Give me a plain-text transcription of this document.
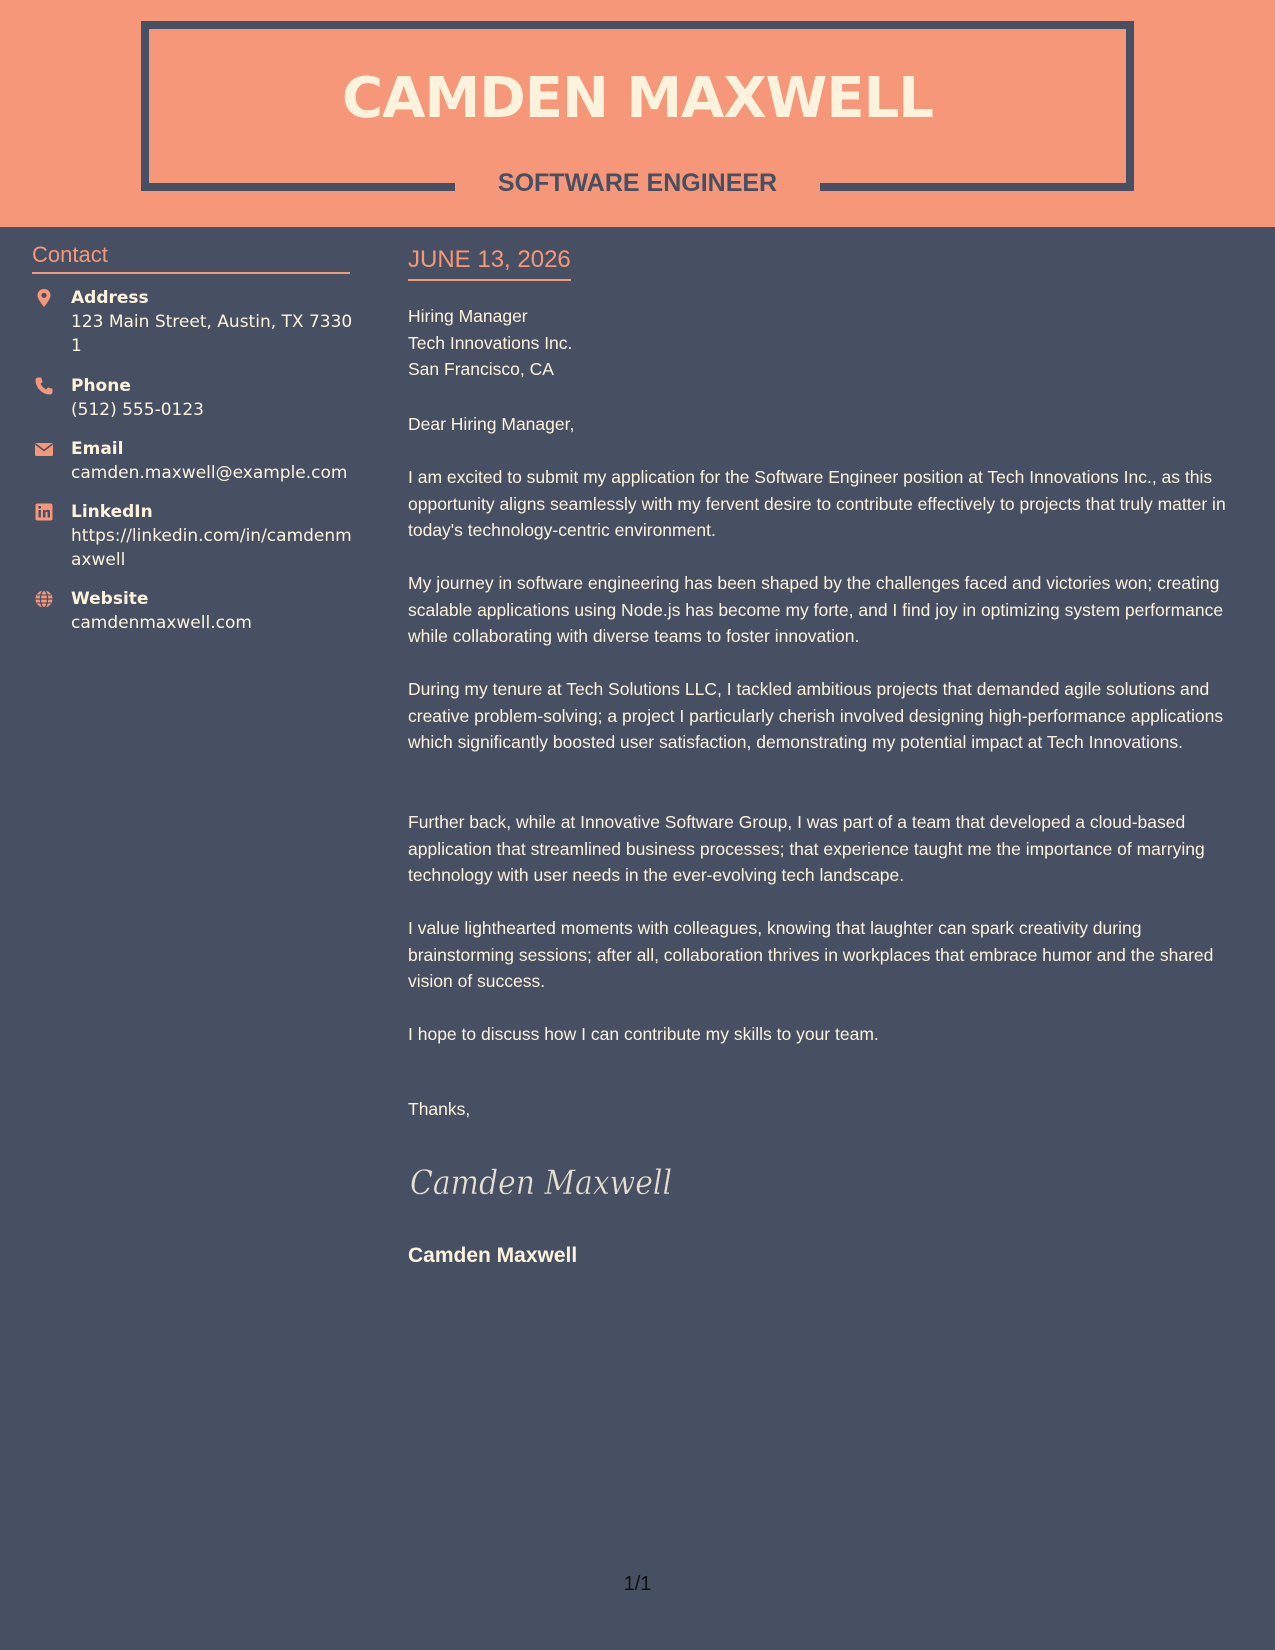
CAMDEN MAXWELL
SOFTWARE ENGINEER
Contact
Address
123 Main Street, Austin, TX 73301
Phone
(512) 555-0123
Email
camden.maxwell@example.com
LinkedIn
https://linkedin.com/in/camdenmaxwell
Website
camdenmaxwell.com
JUNE 13, 2026
Hiring Manager
Tech Innovations Inc.
San Francisco, CA
Dear Hiring Manager,
I am excited to submit my application for the Software Engineer position at Tech Innovations Inc., as this opportunity aligns seamlessly with my fervent desire to contribute effectively to projects that truly matter in today's technology-centric environment.
My journey in software engineering has been shaped by the challenges faced and victories won; creating scalable applications using Node.js has become my forte, and I find joy in optimizing system performance while collaborating with diverse teams to foster innovation.
During my tenure at Tech Solutions LLC, I tackled ambitious projects that demanded agile solutions and creative problem-solving; a project I particularly cherish involved designing high-performance applications which significantly boosted user satisfaction, demonstrating my potential impact at Tech Innovations.
Further back, while at Innovative Software Group, I was part of a team that developed a cloud-based application that streamlined business processes; that experience taught me the importance of marrying technology with user needs in the ever-evolving tech landscape.
I value lighthearted moments with colleagues, knowing that laughter can spark creativity during brainstorming sessions; after all, collaboration thrives in workplaces that embrace humor and the shared vision of success.
I hope to discuss how I can contribute my skills to your team.
Thanks,
Camden Maxwell
Camden Maxwell
1/1
